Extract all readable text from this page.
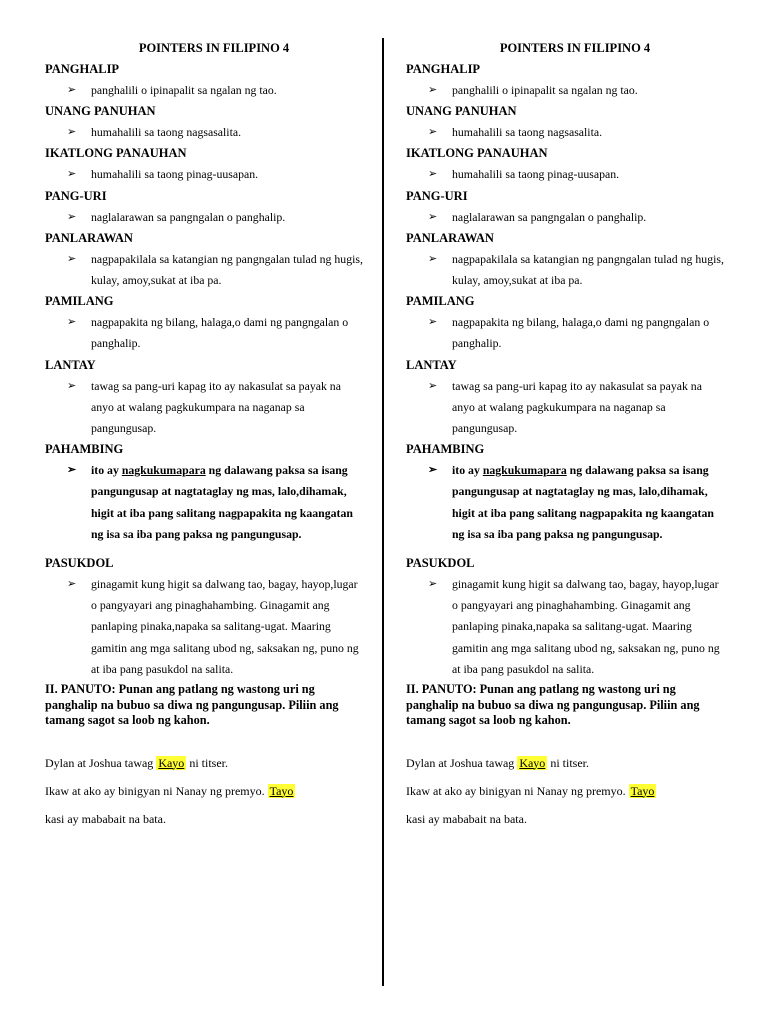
POINTERS IN FILIPINO 4
PANGHALIP
➢ panghalili o ipinapalit sa ngalan ng tao.
UNANG PANUHAN
➢ humahalili sa taong nagsasalita.
IKATLONG PANAUHAN
➢ humahalili sa taong pinag-uusapan.
PANG-URI
➢ naglalarawan sa pangngalan o panghalip.
PANLARAWAN
➢ nagpapakilala sa katangian ng pangngalan tulad ng hugis, kulay, amoy,sukat at iba pa.
PAMILANG
➢ nagpapakita ng bilang, halaga,o dami ng pangngalan o panghalip.
LANTAY
➢ tawag sa pang-uri kapag ito ay nakasulat sa payak na anyo at walang pagkukumpara na naganap sa pangungusap.
PAHAMBING
➢ ito ay nagkukumapara ng dalawang paksa sa isang pangungusap at nagtataglay ng mas, lalo,dihamak, higit at iba pang salitang nagpapakita ng kaangatan ng isa sa iba pang paksa ng pangungusap.
PASUKDOL
➢ ginagamit kung higit sa dalwang tao, bagay, hayop,lugar o pangyayari ang pinaghahambing. Ginagamit ang panlaping pinaka,napaka sa salitang-ugat. Maaring gamitin ang mga salitang ubod ng, saksakan ng, puno ng at iba pang pasukdol na salita.
II. PANUTO: Punan ang patlang ng wastong uri ng panghalip na bubuo sa diwa ng pangungusap. Piliin ang tamang sagot sa loob ng kahon.
Dylan at Joshua tawag Kayo ni titser.
Ikaw at ako ay binigyan ni Nanay ng premyo. Tayo
kasi ay mababait na bata.
POINTERS IN FILIPINO 4
PANGHALIP
➢ panghalili o ipinapalit sa ngalan ng tao.
UNANG PANUHAN
➢ humahalili sa taong nagsasalita.
IKATLONG PANAUHAN
➢ humahalili sa taong pinag-uusapan.
PANG-URI
➢ naglalarawan sa pangngalan o panghalip.
PANLARAWAN
➢ nagpapakilala sa katangian ng pangngalan tulad ng hugis, kulay, amoy,sukat at iba pa.
PAMILANG
➢ nagpapakita ng bilang, halaga,o dami ng pangngalan o panghalip.
LANTAY
➢ tawag sa pang-uri kapag ito ay nakasulat sa payak na anyo at walang pagkukumpara na naganap sa pangungusap.
PAHAMBING
➢ ito ay nagkukumapara ng dalawang paksa sa isang pangungusap at nagtataglay ng mas, lalo,dihamak, higit at iba pang salitang nagpapakita ng kaangatan ng isa sa iba pang paksa ng pangungusap.
PASUKDOL
➢ ginagamit kung higit sa dalwang tao, bagay, hayop,lugar o pangyayari ang pinaghahambing. Ginagamit ang panlaping pinaka,napaka sa salitang-ugat. Maaring gamitin ang mga salitang ubod ng, saksakan ng, puno ng at iba pang pasukdol na salita.
II. PANUTO: Punan ang patlang ng wastong uri ng panghalip na bubuo sa diwa ng pangungusap. Piliin ang tamang sagot sa loob ng kahon.
Dylan at Joshua tawag Kayo ni titser.
Ikaw at ako ay binigyan ni Nanay ng premyo. Tayo
kasi ay mababait na bata.
